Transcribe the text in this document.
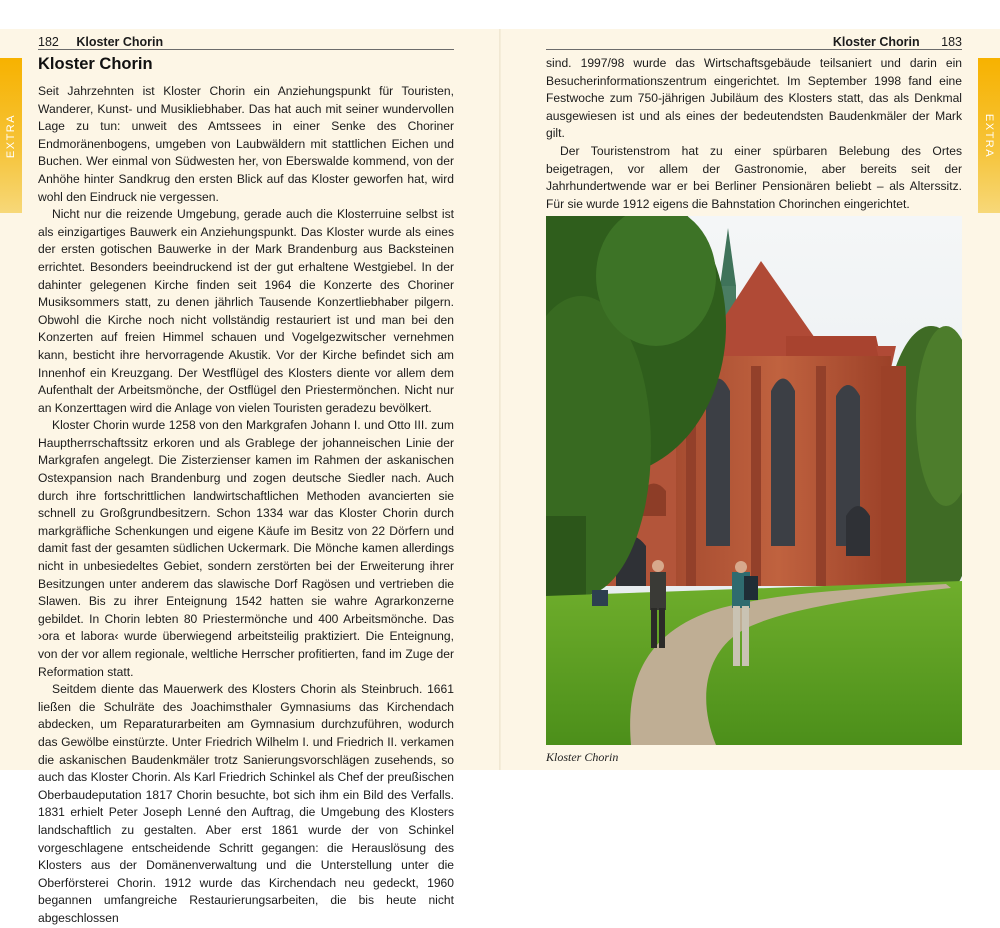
182 Kloster Chorin
EXTRA
Kloster Chorin

Seit Jahrzehnten ist Kloster Chorin ein Anziehungspunkt für Touristen, Wanderer, Kunst- und Musikliebhaber. Das hat auch mit seiner wundervollen Lage zu tun: unweit des Amtssees in einer Senke des Choriner Endmoränenbogens, umgeben von Laubwäldern mit stattlichen Eichen und Buchen. Wer einmal von Südwesten her, von Eberswalde kommend, von der Anhöhe hinter Sandkrug den ersten Blick auf das Kloster geworfen hat, wird wohl den Eindruck nie vergessen.

Nicht nur die reizende Umgebung, gerade auch die Klosterruine selbst ist als einzigartiges Bauwerk ein Anziehungspunkt. Das Kloster wurde als eines der ersten gotischen Bauwerke in der Mark Brandenburg aus Backsteinen errichtet. Besonders beeindruckend ist der gut erhaltene Westgiebel. In der dahinter gelegenen Kirche finden seit 1964 die Konzerte des Choriner Musiksommers statt, zu denen jährlich Tausende Konzertliebhaber pilgern. Obwohl die Kirche noch nicht vollständig restauriert ist und man bei den Konzerten auf freien Himmel schauen und Vogelgezwitscher vernehmen kann, besticht ihre hervorragende Akustik. Vor der Kirche befindet sich am Innenhof ein Kreuzgang. Der Westflügel des Klosters diente vor allem dem Aufenthalt der Arbeitsmönche, der Ostflügel den Priestermönchen. Nicht nur an Konzerttagen wird die Anlage von vielen Touristen geradezu bevölkert.

Kloster Chorin wurde 1258 von den Markgrafen Johann I. und Otto III. zum Hauptherrschaftssitz erkoren und als Grablege der johanneischen Linie der Markgrafen angelegt. Die Zisterzienser kamen im Rahmen der askanischen Ostexpansion nach Brandenburg und zogen deutsche Siedler nach. Auch durch ihre fortschrittlichen landwirtschaftlichen Methoden avancierten sie schnell zu Großgrundbesitzern. Schon 1334 war das Kloster Chorin durch markgräfliche Schenkungen und eigene Käufe im Besitz von 22 Dörfern und damit fast der gesamten südlichen Uckermark. Die Mönche kamen allerdings nicht in unbesiedeltes Gebiet, sondern zerstörten bei der Erweiterung ihrer Besitzungen unter anderem das slawische Dorf Ragösen und vertrieben die Slawen. Bis zu ihrer Enteignung 1542 hatten sie wahre Agrarkonzerne gebildet. In Chorin lebten 80 Priestermönche und 400 Arbeitsmönche. Das ›ora et labora‹ wurde überwiegend arbeitsteilig praktiziert. Die Enteignung, von der vor allem regionale, weltliche Herrscher profitierten, fand im Zuge der Reformation statt.

Seitdem diente das Mauerwerk des Klosters Chorin als Steinbruch. 1661 ließen die Schulräte des Joachimsthaler Gymnasiums das Kirchendach abdecken, um Reparaturarbeiten am Gymnasium durchzuführen, wodurch das Gewölbe einstürzte. Unter Friedrich Wilhelm I. und Friedrich II. verkamen die askanischen Baudenkmäler trotz Sanierungsvorschlägen zusehends, so auch das Kloster Chorin. Als Karl Friedrich Schinkel als Chef der preußischen Oberbaudeputation 1817 Chorin besuchte, bot sich ihm ein Bild des Verfalls. 1831 erhielt Peter Joseph Lenné den Auftrag, die Umgebung des Klosters landschaftlich zu gestalten. Aber erst 1861 wurde der von Schinkel vorgeschlagene entscheidende Schritt gegangen: die Herauslösung des Klosters aus der Domänenverwaltung und die Unterstellung unter die Oberförsterei Chorin. 1912 wurde das Kirchendach neu gedeckt, 1960 begannen umfangreiche Restaurierungsarbeiten, die bis heute nicht abgeschlossen

Kloster Chorin 183
EXTRA

sind. 1997/98 wurde das Wirtschaftsgebäude teilsaniert und darin ein Besucherinformationszentrum eingerichtet. Im September 1998 fand eine Festwoche zum 750-jährigen Jubiläum des Klosters statt, das als Denkmal ausgewiesen ist und als eines der bedeutendsten Baudenkmäler der Mark gilt.

Der Touristenstrom hat zu einer spürbaren Belebung des Ortes beigetragen, vor allem der Gastronomie, aber bereits seit der Jahrhundertwende war er bei Berliner Pensionären beliebt – als Alterssitz. Für sie wurde 1912 eigens die Bahnstation Chorinchen eingerichtet.

Kloster Chorin
